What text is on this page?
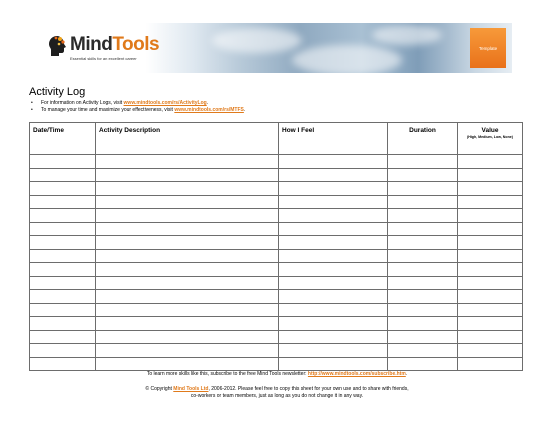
MindTools
Essential skills for an excellent career
Template
Activity Log
• For information on Activity Logs, visit www.mindtools.com/rs/ActivityLog.
• To manage your time and maximize your effectiveness, visit www.mindtools.com/rs/MTFS.
Date/Time	Activity Description	How I Feel	Duration	Value
(High, Medium, Low, None)

To learn more skills like this, subscribe to the free Mind Tools newsletter: http://www.mindtools.com/subscribe.htm.
© Copyright Mind Tools Ltd, 2006-2012. Please feel free to copy this sheet for your own use and to share with friends,
co-workers or team members, just as long as you do not change it in any way.
